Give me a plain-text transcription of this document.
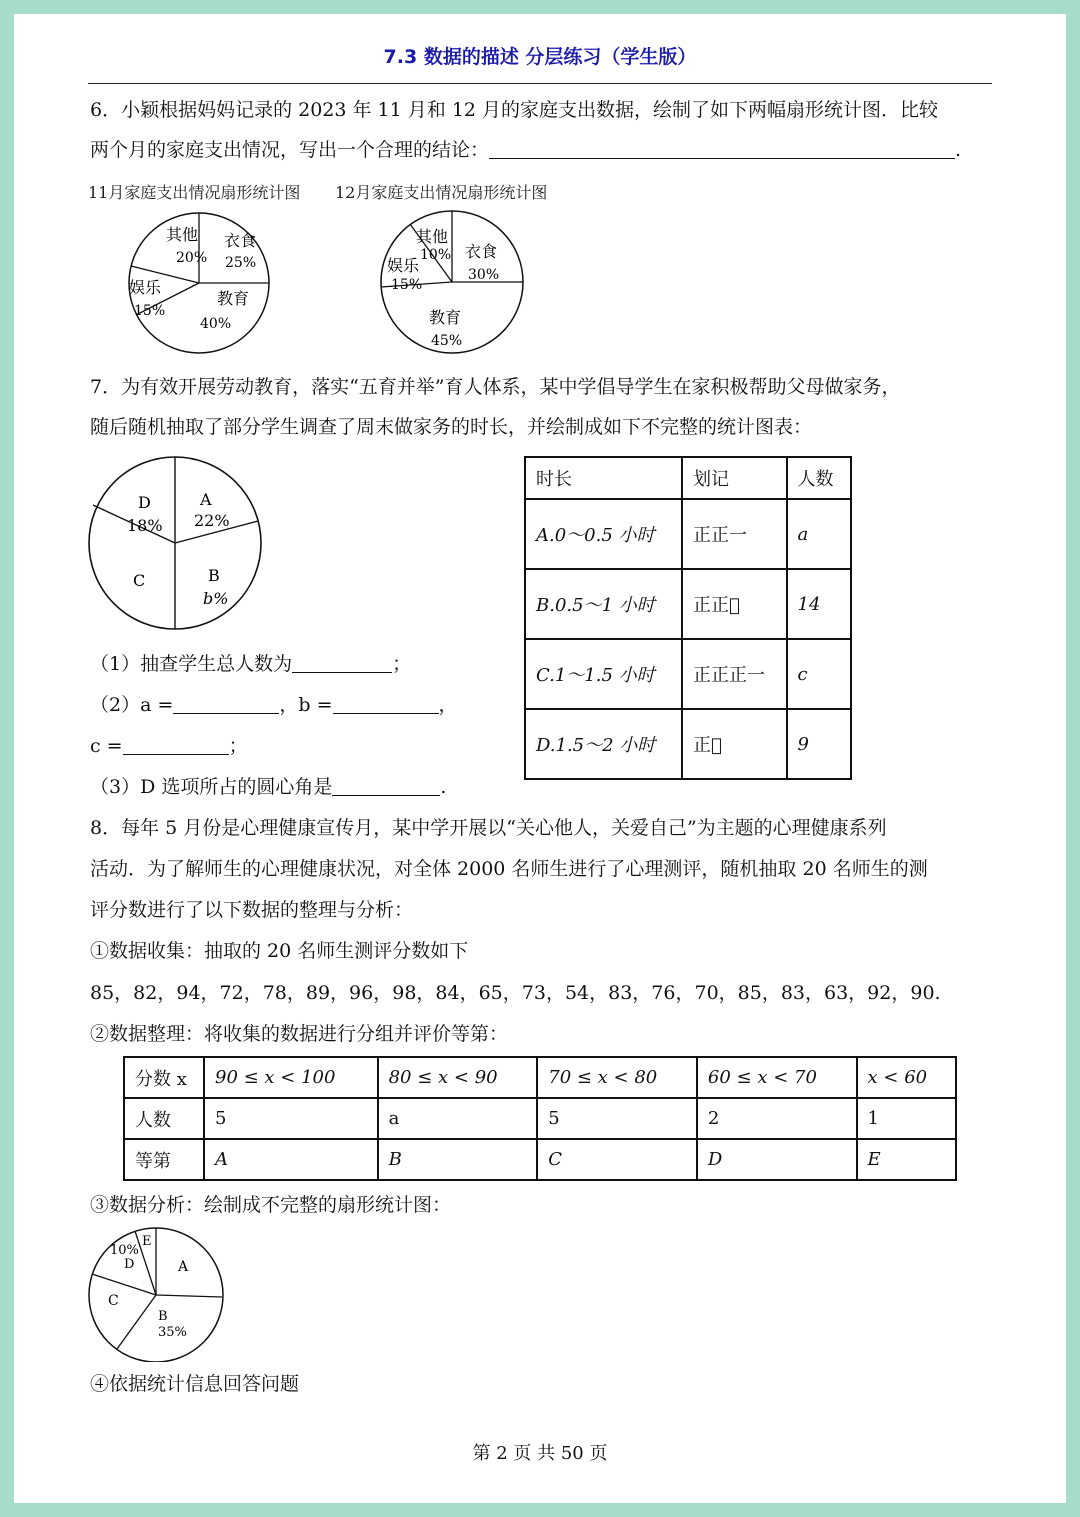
7.3 数据的描述 分层练习（学生版）
6．小颖根据妈妈记录的 2023 年 11 月和 12 月的家庭支出数据，绘制了如下两幅扇形统计图．比较
两个月的家庭支出情况，写出一个合理的结论：	.
11月家庭支出情况扇形统计图 12月家庭支出情况扇形统计图
衣食
25%
教育
40%
娱乐
15%
其他
20%	衣食
30%
教育
45%
娱乐
15%
其他
10%
7．为有效开展劳动教育，落实“五育并举”育人体系，某中学倡导学生在家积极帮助父母做家务，
随后随机抽取了部分学生调查了周末做家务的时长，并绘制成如下不完整的统计图表：
A
22%
B
b%
C
D
18%
时长	划记	人数
A.0～0.5 小时	正正一	a
B.0.5～1 小时	正正𠀆	14
C.1～1.5 小时	正正正一	c
D.1.5～2 小时	正𠀆	9
（1）抽查学生总人数为	；
（2）a =	，b =	，
c =	；
（3）D 选项所占的圆心角是	.
8．每年 5 月份是心理健康宣传月，某中学开展以“关心他人，关爱自己”为主题的心理健康系列
活动．为了解师生的心理健康状况，对全体 2000 名师生进行了心理测评，随机抽取 20 名师生的测
评分数进行了以下数据的整理与分析：
①数据收集：抽取的 20 名师生测评分数如下
85，82，94，72，78，89，96，98，84，65，73，54，83，76，70，85，83，63，92，90.
②数据整理：将收集的数据进行分组并评价等第：
分数 x	90 ≤ x < 100	80 ≤ x < 90	70 ≤ x < 80	60 ≤ x < 70	x < 60
人数	5	a	5	2	1
等第	A	B	C	D	E
③数据分析：绘制成不完整的扇形统计图：
A
B
35%
C
D
10%
E
④依据统计信息回答问题
第 2 页 共 50 页
